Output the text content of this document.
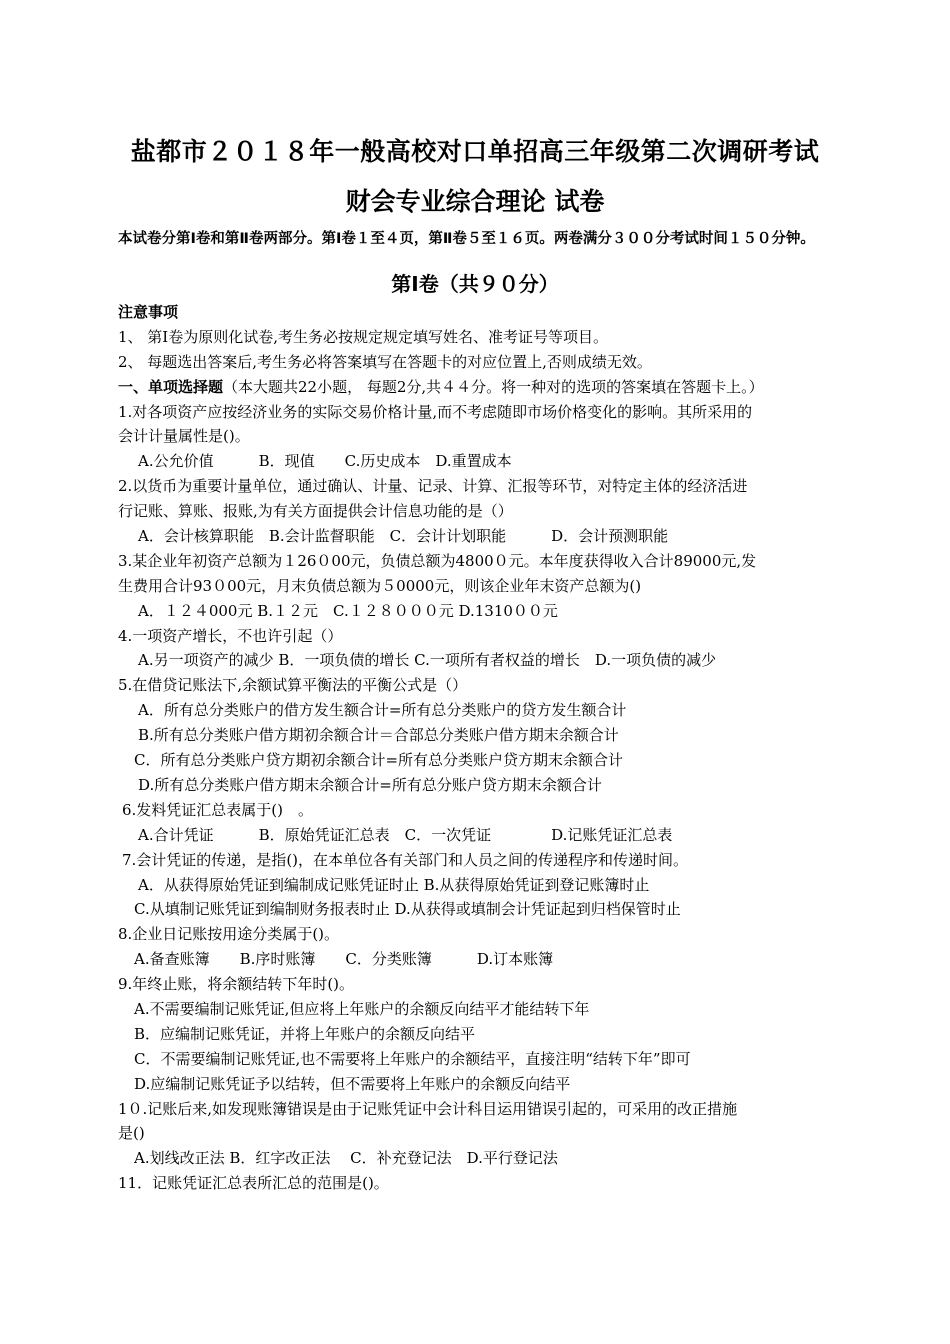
盐都市２０１８年一般高校对口单招高三年级第二次调研考试
财会专业综合理论 试卷
本试卷分第Ⅰ卷和第Ⅱ卷两部分。第Ⅰ卷１至４页，第Ⅱ卷５至１６页。两卷满分３００分考试时间１５０分钟。
第Ⅰ卷（共９０分）
注意事项
1、 第Ⅰ卷为原则化试卷,考生务必按规定规定填写姓名、准考证号等项目。
2、 每题选出答案后,考生务必将答案填写在答题卡的对应位置上,否则成绩无效。
一、单项选择题（本大题共22小题， 每题2分,共４４分。将一种对的选项的答案填在答题卡上。）
1.对各项资产应按经济业务的实际交易价格计量,而不考虑随即市场价格变化的影响。其所采用的
会计计量属性是()。
A.公允价值　　　B．现值　　C.历史成本　D.重置成本
2.以货币为重要计量单位，通过确认、计量、记录、计算、汇报等环节，对特定主体的经济活进
行记账、算账、报账,为有关方面提供会计信息功能的是（）
A．会计核算职能　B.会计监督职能　C．会计计划职能　　　D．会计预测职能
3.某企业年初资产总额为１26０00元，负债总额为4800０元。本年度获得收入合计89000元,发
生费用合计93０00元，月末负债总额为５0000元，则该企业年末资产总额为()
A．１２４000元 B.１２元　C.１２８０００元 D.1310００元
4.一项资产增长，不也许引起（）
A.另一项资产的减少 B．一项负债的增长 C.一项所有者权益的增长　D.一项负债的减少
5.在借贷记账法下,余额试算平衡法的平衡公式是（）
A．所有总分类账户的借方发生额合计=所有总分类账户的贷方发生额合计
B.所有总分类账户借方期初余额合计＝合部总分类账户借方期末余额合计
C．所有总分类账户贷方期初余额合计=所有总分类账户贷方期末余额合计
D.所有总分类账户借方期末余额合计=所有总分账户贷方期末余额合计
6.发料凭证汇总表属于()　。
A.合计凭证　　　B．原始凭证汇总表　C．一次凭证　　　　D.记账凭证汇总表
7.会计凭证的传递，是指()，在本单位各有关部门和人员之间的传递程序和传递时间。
A．从获得原始凭证到编制成记账凭证时止 B.从获得原始凭证到登记账簿时止
C.从填制记账凭证到编制财务报表时止 D.从获得或填制会计凭证起到归档保管时止
8.企业日记账按用途分类属于()。
A.备查账簿　　B.序时账簿　　C．分类账簿　　　D.订本账簿
9.年终止账，将余额结转下年时()。
A.不需要编制记账凭证,但应将上年账户的余额反向结平才能结转下年
B．应编制记账凭证，并将上年账户的余额反向结平
C．不需要编制记账凭证,也不需要将上年账户的余额结平，直接注明“结转下年”即可
D.应编制记账凭证予以结转，但不需要将上年账户的余额反向结平
1０.记账后来,如发现账簿错误是由于记账凭证中会计科目运用错误引起的，可采用的改正措施
是()
A.划线改正法 B．红字改正法　 C．补充登记法　D.平行登记法
11．记账凭证汇总表所汇总的范围是()。
